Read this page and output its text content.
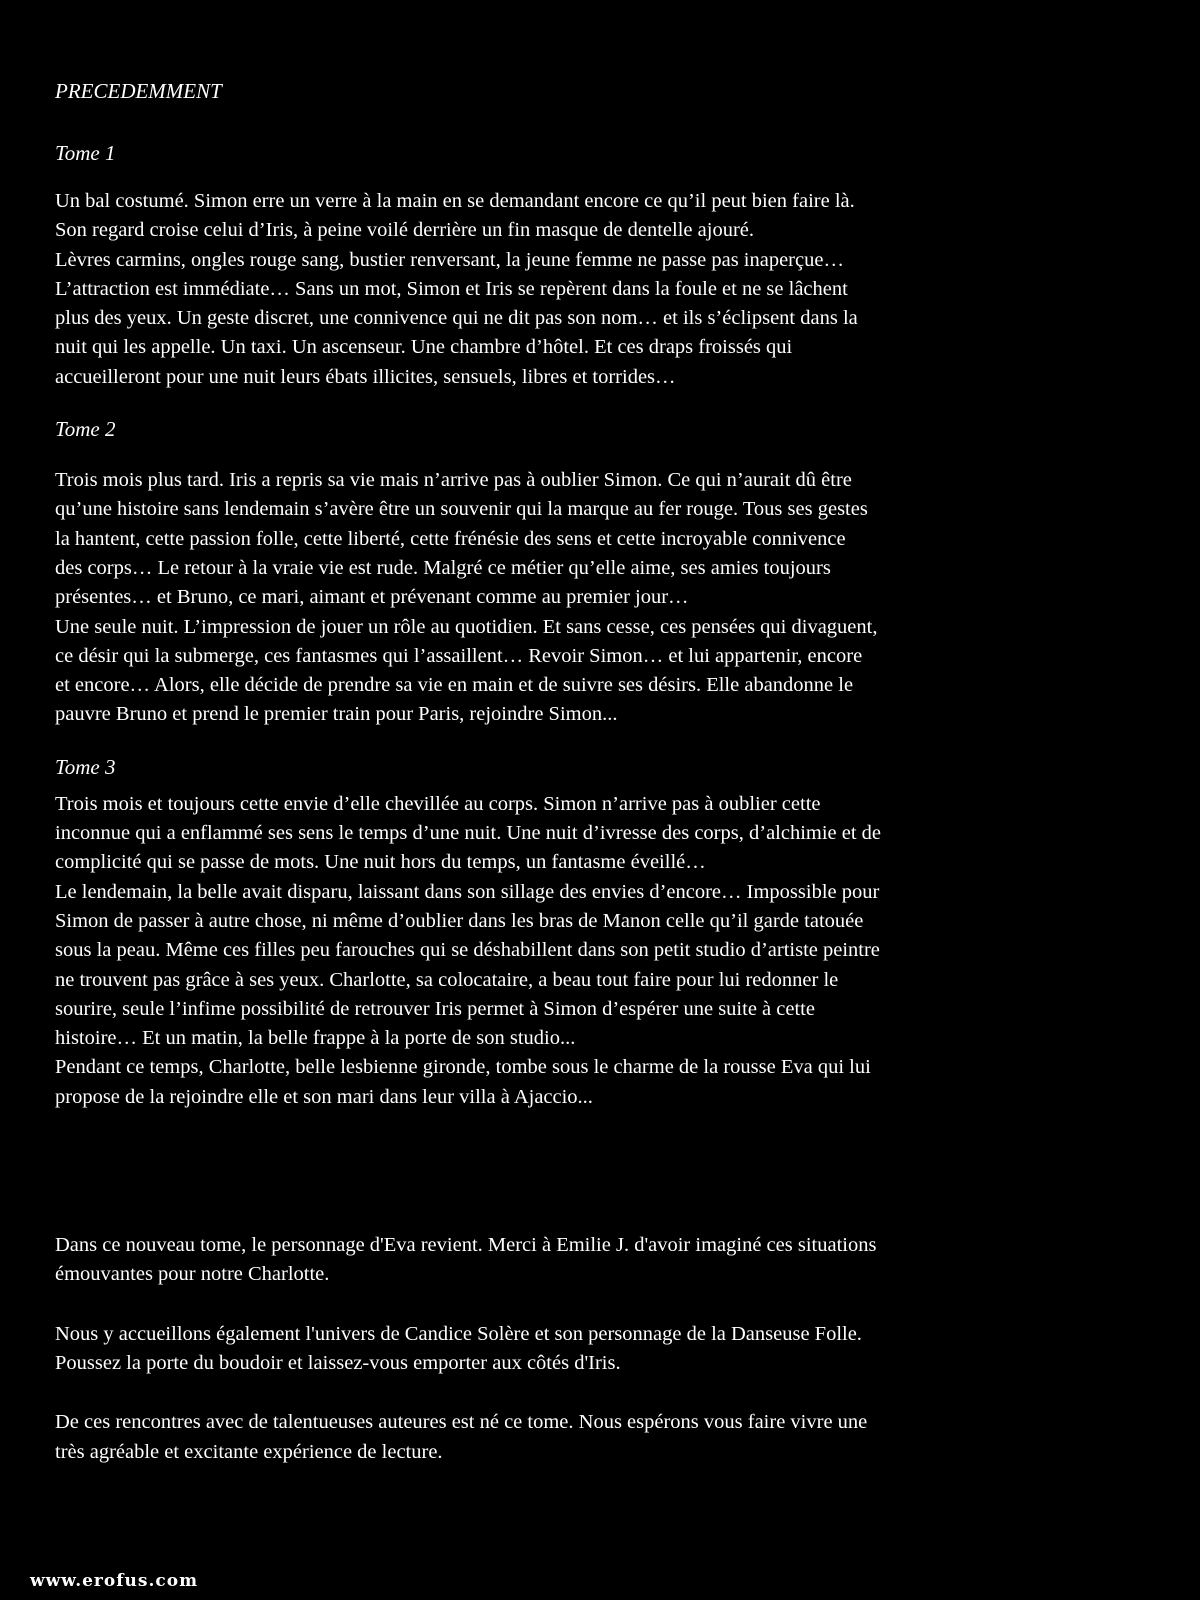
PRECEDEMMENT

Tome 1

Un bal costumé. Simon erre un verre à la main en se demandant encore ce qu’il peut bien faire là.
Son regard croise celui d’Iris, à peine voilé derrière un fin masque de dentelle ajouré.
Lèvres carmins, ongles rouge sang, bustier renversant, la jeune femme ne passe pas inaperçue…
L’attraction est immédiate… Sans un mot, Simon et Iris se repèrent dans la foule et ne se lâchent
plus des yeux. Un geste discret, une connivence qui ne dit pas son nom… et ils s’éclipsent dans la
nuit qui les appelle. Un taxi. Un ascenseur. Une chambre d’hôtel. Et ces draps froissés qui
accueilleront pour une nuit leurs ébats illicites, sensuels, libres et torrides…

Tome 2

Trois mois plus tard. Iris a repris sa vie mais n’arrive pas à oublier Simon. Ce qui n’aurait dû être
qu’une histoire sans lendemain s’avère être un souvenir qui la marque au fer rouge. Tous ses gestes
la hantent, cette passion folle, cette liberté, cette frénésie des sens et cette incroyable connivence
des corps… Le retour à la vraie vie est rude. Malgré ce métier qu’elle aime, ses amies toujours
présentes… et Bruno, ce mari, aimant et prévenant comme au premier jour…
Une seule nuit. L’impression de jouer un rôle au quotidien. Et sans cesse, ces pensées qui divaguent,
ce désir qui la submerge, ces fantasmes qui l’assaillent… Revoir Simon… et lui appartenir, encore
et encore… Alors, elle décide de prendre sa vie en main et de suivre ses désirs. Elle abandonne le
pauvre Bruno et prend le premier train pour Paris, rejoindre Simon...

Tome 3

Trois mois et toujours cette envie d’elle chevillée au corps. Simon n’arrive pas à oublier cette
inconnue qui a enflammé ses sens le temps d’une nuit. Une nuit d’ivresse des corps, d’alchimie et de
complicité qui se passe de mots. Une nuit hors du temps, un fantasme éveillé…
Le lendemain, la belle avait disparu, laissant dans son sillage des envies d’encore… Impossible pour
Simon de passer à autre chose, ni même d’oublier dans les bras de Manon celle qu’il garde tatouée
sous la peau. Même ces filles peu farouches qui se déshabillent dans son petit studio d’artiste peintre
ne trouvent pas grâce à ses yeux. Charlotte, sa colocataire, a beau tout faire pour lui redonner le
sourire, seule l’infime possibilité de retrouver Iris permet à Simon d’espérer une suite à cette
histoire… Et un matin, la belle frappe à la porte de son studio...
Pendant ce temps, Charlotte, belle lesbienne gironde, tombe sous le charme de la rousse Eva qui lui
propose de la rejoindre elle et son mari dans leur villa à Ajaccio...

Dans ce nouveau tome, le personnage d'Eva revient. Merci à Emilie J. d'avoir imaginé ces situations
émouvantes pour notre Charlotte.

Nous y accueillons également l'univers de Candice Solère et son personnage de la Danseuse Folle.
Poussez la porte du boudoir et laissez-vous emporter aux côtés d'Iris.

De ces rencontres avec de talentueuses auteures est né ce tome. Nous espérons vous faire vivre une
très agréable et excitante expérience de lecture.

www.erofus.com
